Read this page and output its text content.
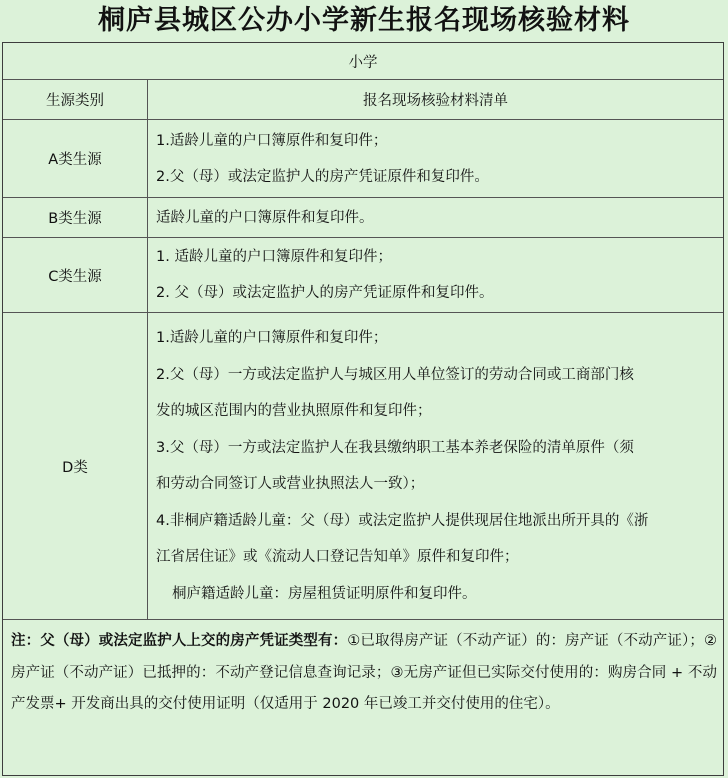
桐庐县城区公办小学新生报名现场核验材料
小学
生源类别	报名现场核验材料清单
A类生源
1.适龄儿童的户口簿原件和复印件；
2.父（母）或法定监护人的房产凭证原件和复印件。
B类生源	适龄儿童的户口簿原件和复印件。
C类生源
1. 适龄儿童的户口簿原件和复印件；
2. 父（母）或法定监护人的房产凭证原件和复印件。
D类
1.适龄儿童的户口簿原件和复印件；
2.父（母）一方或法定监护人与城区用人单位签订的劳动合同或工商部门核
发的城区范围内的营业执照原件和复印件；
3.父（母）一方或法定监护人在我县缴纳职工基本养老保险的清单原件（须
和劳动合同签订人或营业执照法人一致）；
4.非桐庐籍适龄儿童：父（母）或法定监护人提供现居住地派出所开具的《浙
江省居住证》或《流动人口登记告知单》原件和复印件；
桐庐籍适龄儿童：房屋租赁证明原件和复印件。
注：父（母）或法定监护人上交的房产凭证类型有：①已取得房产证（不动产证）的：房产证（不动产证）；②房产证（不动产证）已抵押的：不动产登记信息查询记录；③无房产证但已实际交付使用的：购房合同 + 不动产发票+ 开发商出具的交付使用证明（仅适用于 2020 年已竣工并交付使用的住宅）。
